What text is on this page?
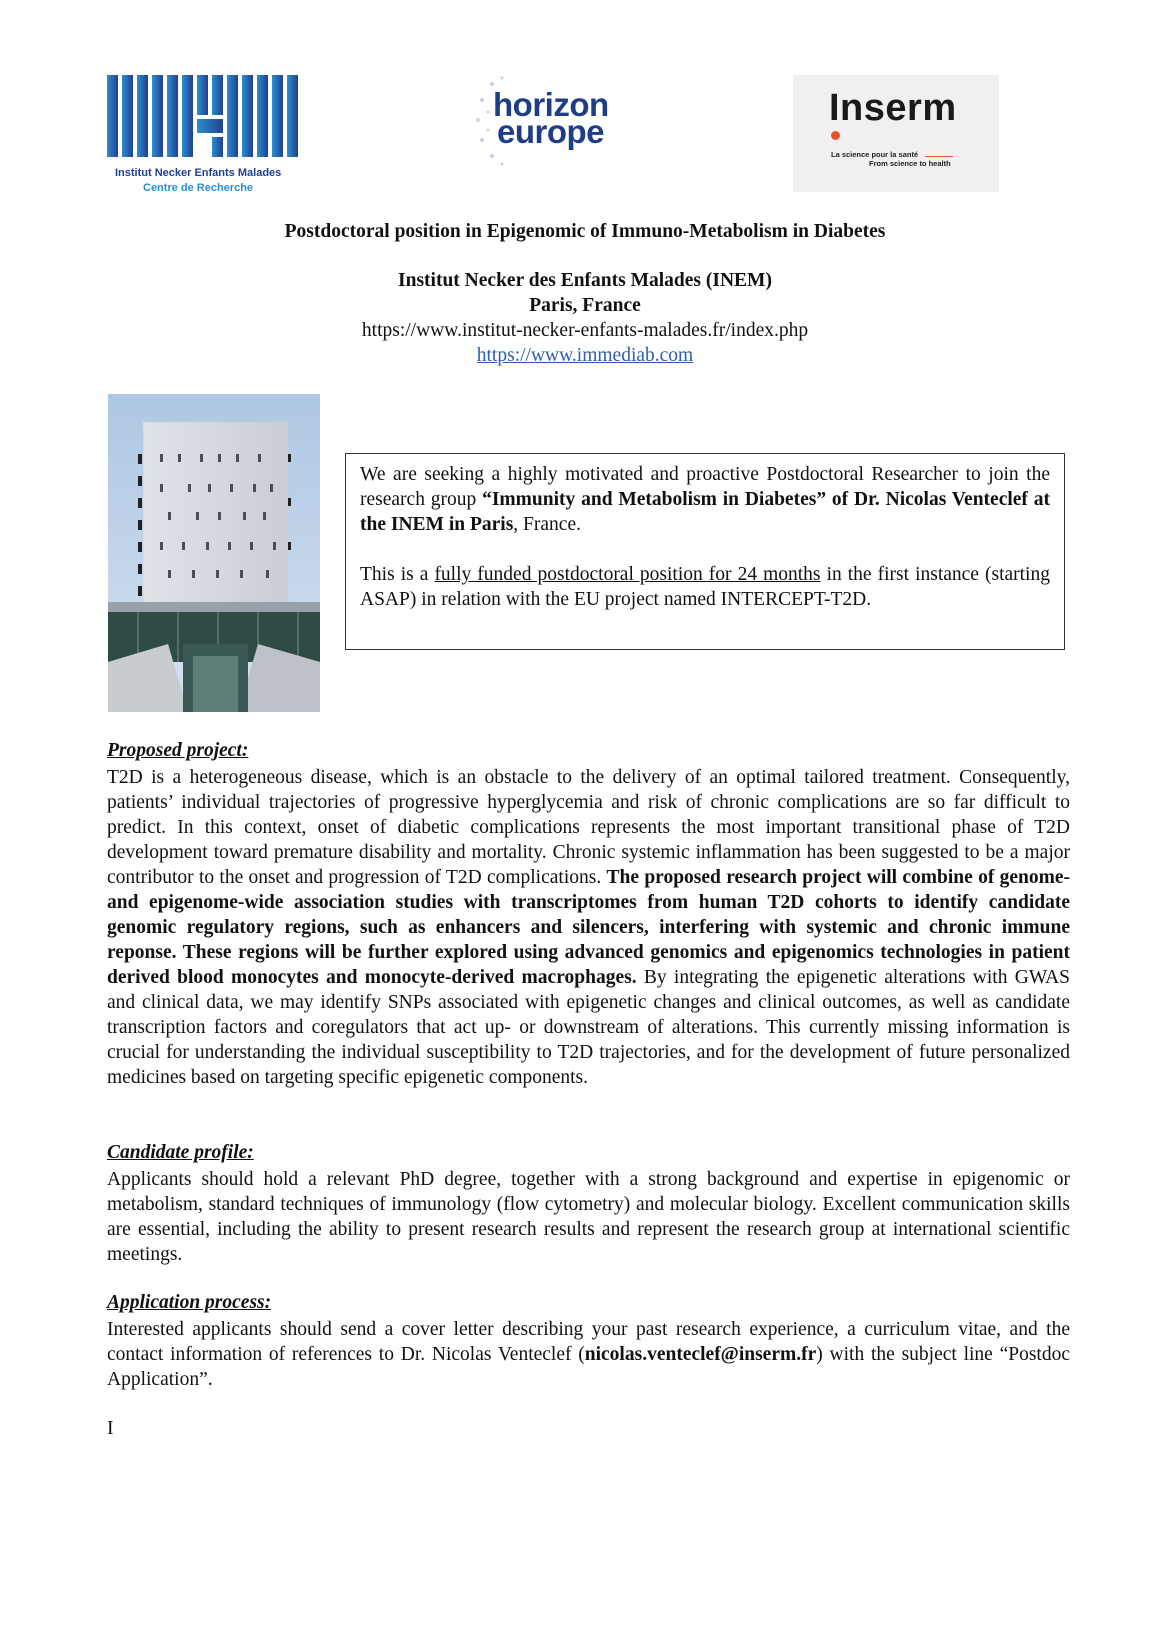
Institut Necker Enfants Malades
Centre de Recherche
horizon
europe
Inserm
La science pour la santé
From science to health
Postdoctoral position in Epigenomic of Immuno-Metabolism in Diabetes
Institut Necker des Enfants Malades (INEM)
Paris, France
https://www.institut-necker-enfants-malades.fr/index.php
https://www.immediab.com

We are seeking a highly motivated and proactive Postdoctoral Researcher to join the research group “Immunity and Metabolism in Diabetes” of Dr. Nicolas Venteclef at the INEM in Paris, France.

This is a fully funded postdoctoral position for 24 months in the first instance (starting ASAP) in relation with the EU project named INTERCEPT-T2D.

Proposed project:

T2D is a heterogeneous disease, which is an obstacle to the delivery of an optimal tailored treatment. Consequently, patients’ individual trajectories of progressive hyperglycemia and risk of chronic complications are so far difficult to predict. In this context, onset of diabetic complications represents the most important transitional phase of T2D development toward premature disability and mortality. Chronic systemic inflammation has been suggested to be a major contributor to the onset and progression of T2D complications. The proposed research project will combine of genome- and epigenome-wide association studies with transcriptomes from human T2D cohorts to identify candidate genomic regulatory regions, such as enhancers and silencers, interfering with systemic and chronic immune reponse. These regions will be further explored using advanced genomics and epigenomics technologies in patient derived blood monocytes and monocyte-derived macrophages. By integrating the epigenetic alterations with GWAS and clinical data, we may identify SNPs associated with epigenetic changes and clinical outcomes, as well as candidate transcription factors and coregulators that act up- or downstream of alterations. This currently missing information is crucial for understanding the individual susceptibility to T2D trajectories, and for the development of future personalized medicines based on targeting specific epigenetic components.

Candidate profile:

Applicants should hold a relevant PhD degree, together with a strong background and expertise in epigenomic or metabolism, standard techniques of immunology (flow cytometry) and molecular biology. Excellent communication skills are essential, including the ability to present research results and represent the research group at international scientific meetings.

Application process:

Interested applicants should send a cover letter describing your past research experience, a curriculum vitae, and the contact information of references to Dr. Nicolas Venteclef (nicolas.venteclef@inserm.fr) with the subject line “Postdoc Application”.

I
